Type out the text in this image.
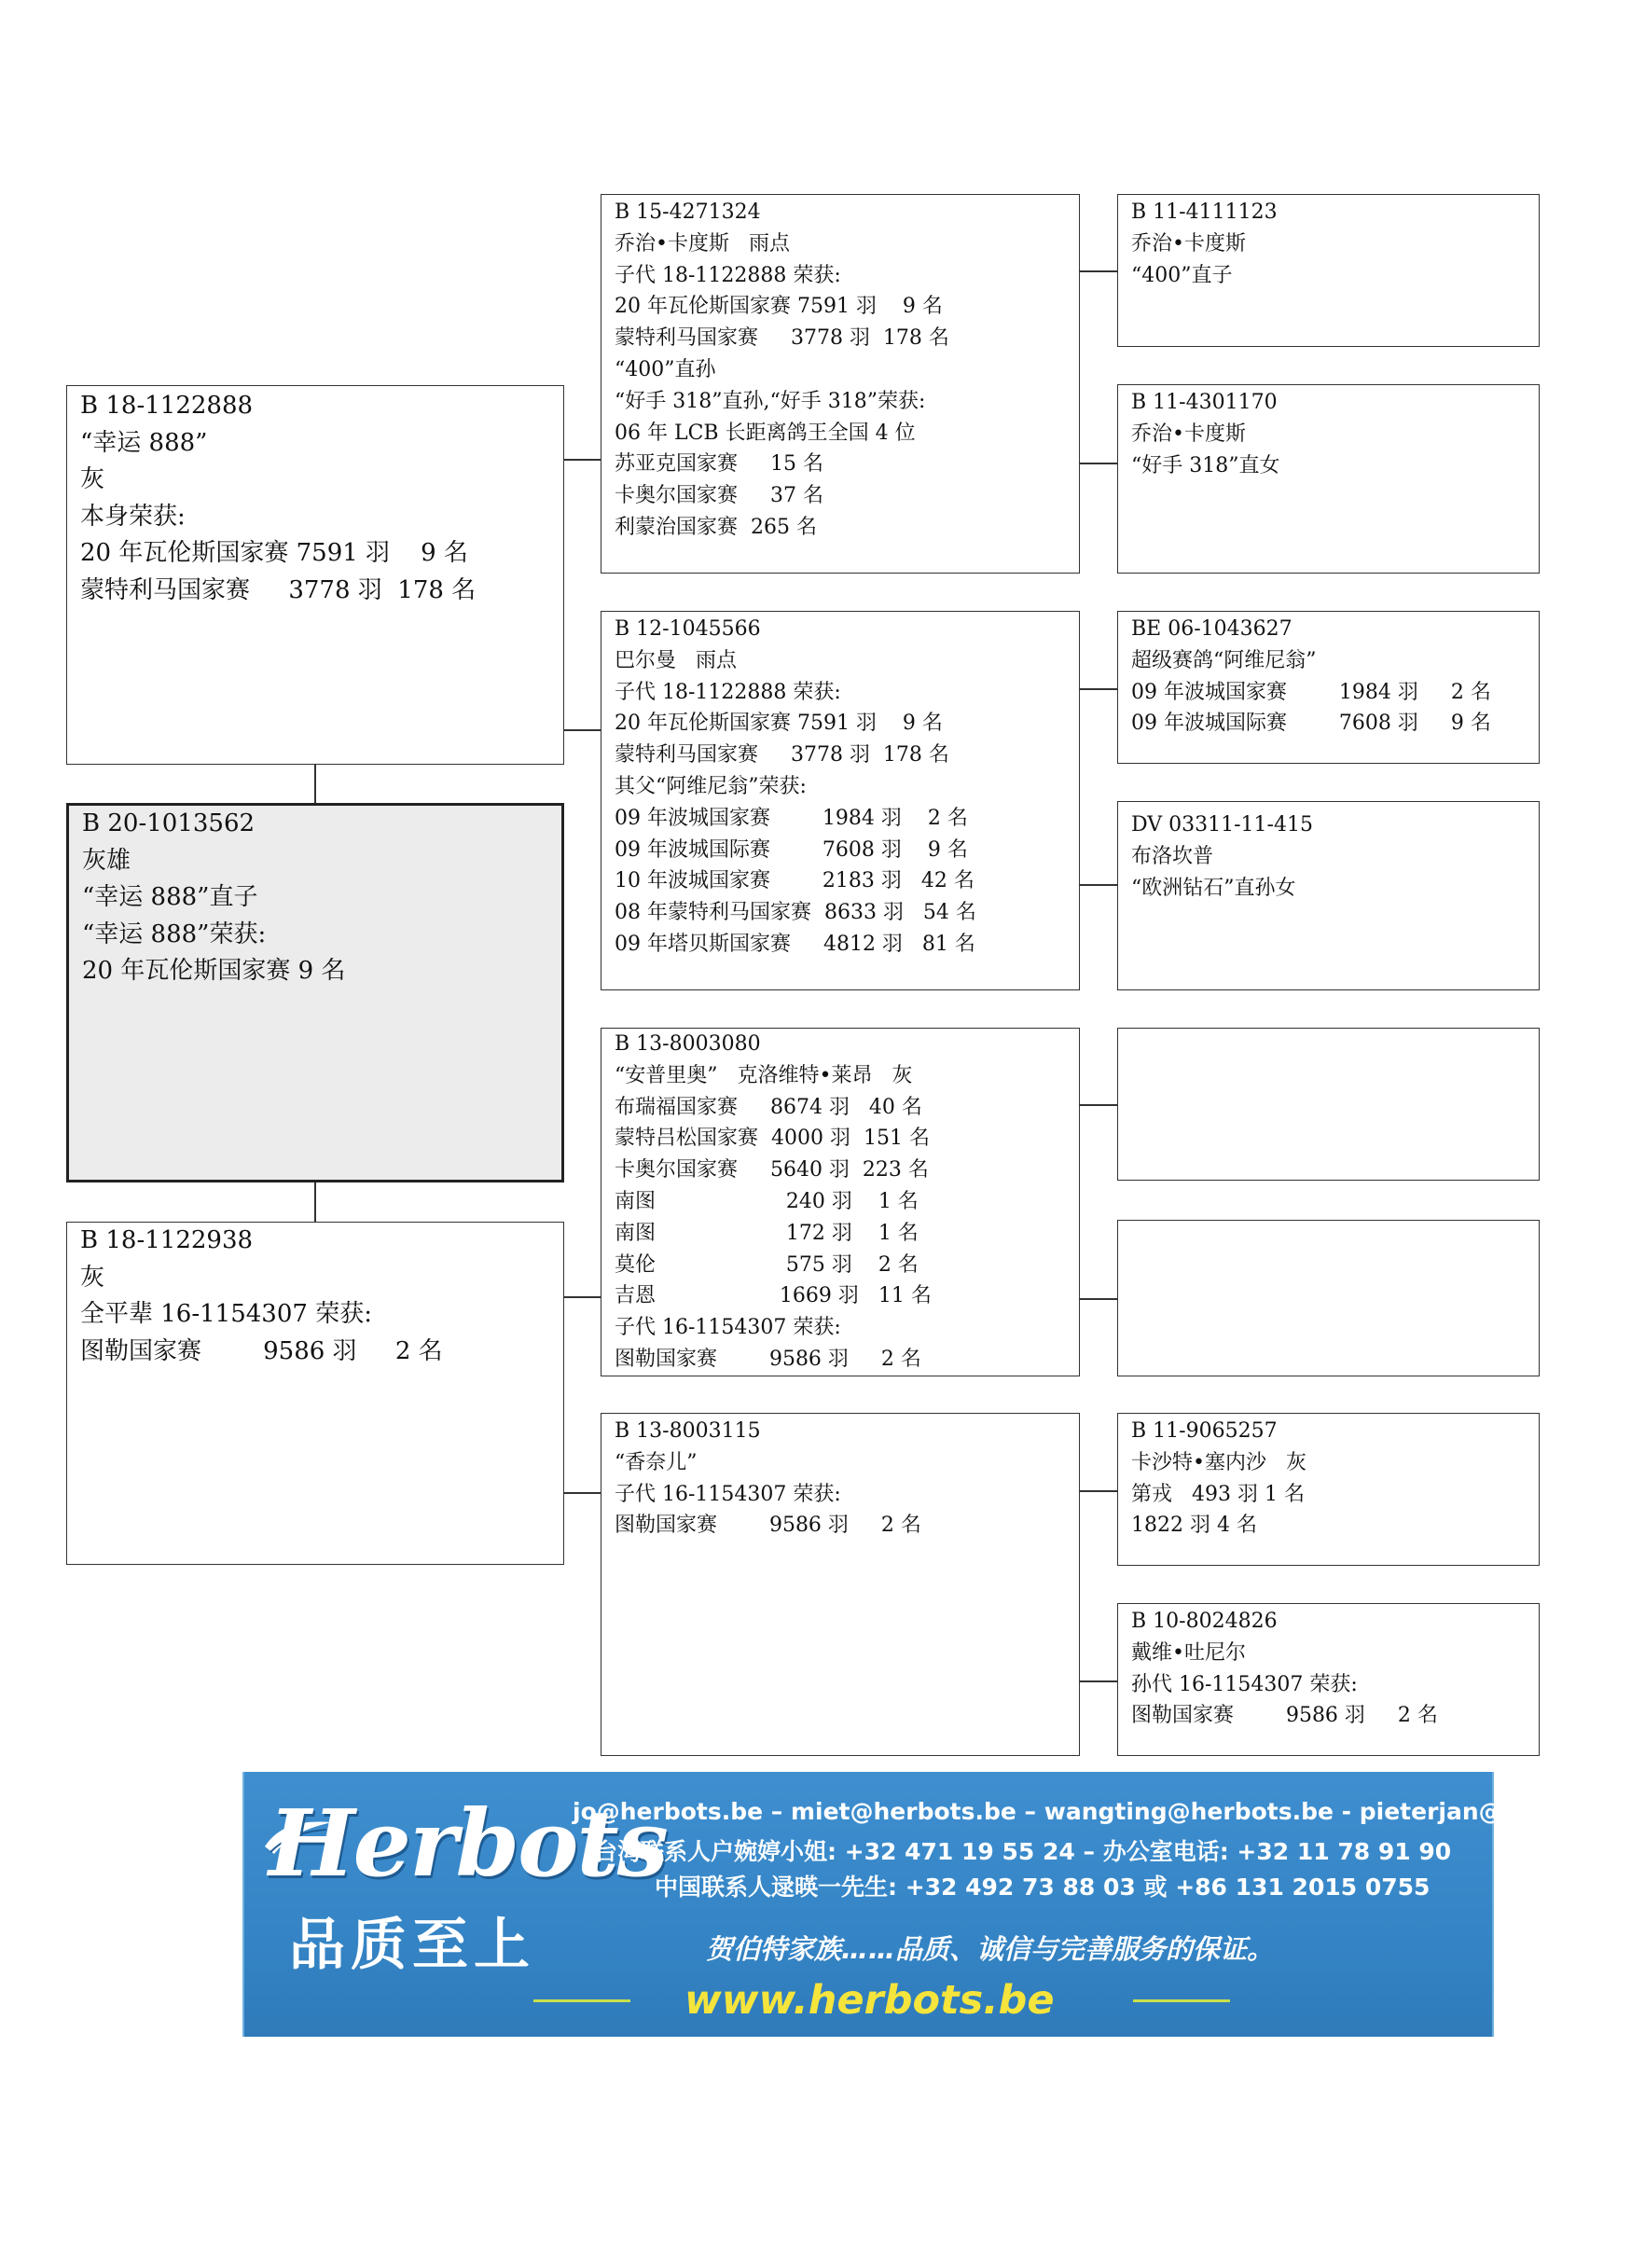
B 18-1122888
“幸运 888”
灰
本身荣获:
20 年瓦伦斯国家赛 7591 羽    9 名
蒙特利马国家赛     3778 羽  178 名
B 20-1013562
灰雄
“幸运 888”直子
“幸运 888”荣获:
20 年瓦伦斯国家赛 9 名
B 18-1122938
灰
全平辈 16-1154307 荣获:
图勒国家赛        9586 羽     2 名
B 15-4271324
乔治•卡度斯   雨点
子代 18-1122888 荣获:
20 年瓦伦斯国家赛 7591 羽    9 名
蒙特利马国家赛     3778 羽  178 名
“400”直孙
“好手 318”直孙,“好手 318”荣获:
06 年 LCB 长距离鸽王全国 4 位
苏亚克国家赛     15 名
卡奥尔国家赛     37 名
利蒙治国家赛  265 名
B 12-1045566
巴尔曼   雨点
子代 18-1122888 荣获:
20 年瓦伦斯国家赛 7591 羽    9 名
蒙特利马国家赛     3778 羽  178 名
其父“阿维尼翁”荣获:
09 年波城国家赛        1984 羽    2 名
09 年波城国际赛        7608 羽    9 名
10 年波城国家赛        2183 羽   42 名
08 年蒙特利马国家赛  8633 羽   54 名
09 年塔贝斯国家赛     4812 羽   81 名
B 13-8003080
“安普里奥”   克洛维特•莱昂   灰
布瑞福国家赛     8674 羽   40 名
蒙特吕松国家赛  4000 羽  151 名
卡奥尔国家赛     5640 羽  223 名
南图                    240 羽    1 名
南图                    172 羽    1 名
莫伦                    575 羽    2 名
吉恩                   1669 羽   11 名
子代 16-1154307 荣获:
图勒国家赛        9586 羽     2 名
B 13-8003115
“香奈儿”
子代 16-1154307 荣获:
图勒国家赛        9586 羽     2 名
B 11-4111123
乔治•卡度斯
“400”直子
B 11-4301170
乔治•卡度斯
“好手 318”直女
BE 06-1043627
超级赛鸽“阿维尼翁”
09 年波城国家赛        1984 羽     2 名
09 年波城国际赛        7608 羽     9 名
DV 03311-11-415
布洛坎普
“欧洲钻石”直孙女
B 11-9065257
卡沙特•塞内沙   灰
第戎   493 羽 1 名
1822 羽 4 名
B 10-8024826
戴维•吐尼尔
孙代 16-1154307 荣获:
图勒国家赛        9586 羽     2 名
Herbots
品质至上
jo@herbots.be – miet@herbots.be – wangting@herbots.be - pieterjan@herbots.be
台湾联系人户婉婷小姐: +32 471 19 55 24 – 办公室电话: +32 11 78 91 90
中国联系人逯暎一先生: +32 492 73 88 03 或 +86 131 2015 0755
贺伯特家族……品质、诚信与完善服务的保证。
www.herbots.be
